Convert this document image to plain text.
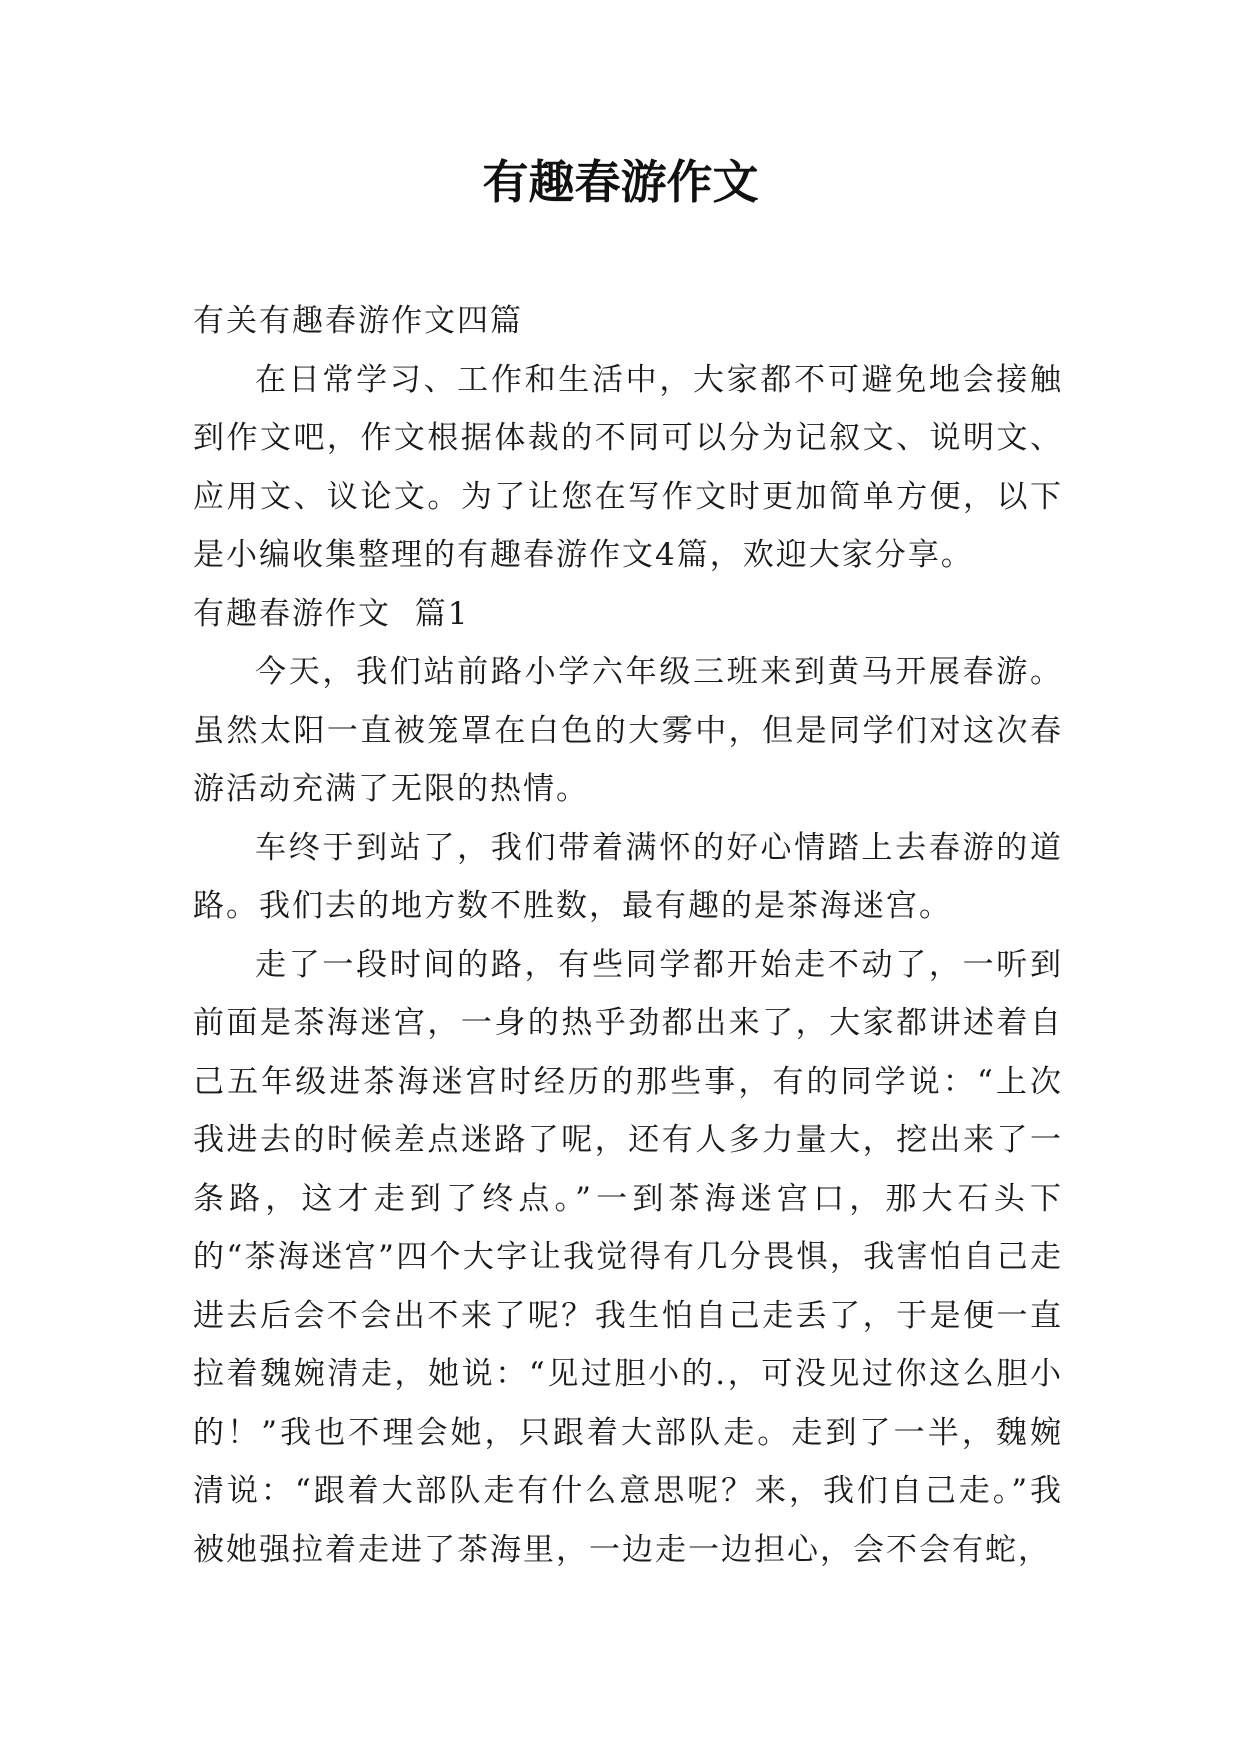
有趣春游作文

有关有趣春游作文四篇

在日常学习、工作和生活中，大家都不可避免地会接触到作文吧，作文根据体裁的不同可以分为记叙文、说明文、应用文、议论文。为了让您在写作文时更加简单方便，以下是小编收集整理的有趣春游作文4篇，欢迎大家分享。

有趣春游作文  篇1

今天，我们站前路小学六年级三班来到黄马开展春游。虽然太阳一直被笼罩在白色的大雾中，但是同学们对这次春游活动充满了无限的热情。

车终于到站了，我们带着满怀的好心情踏上去春游的道路。我们去的地方数不胜数，最有趣的是茶海迷宫。

走了一段时间的路，有些同学都开始走不动了，一听到前面是茶海迷宫，一身的热乎劲都出来了，大家都讲述着自己五年级进茶海迷宫时经历的那些事，有的同学说：“上次我进去的时候差点迷路了呢，还有人多力量大，挖出来了一条路，这才走到了终点。”一到茶海迷宫口，那大石头下的“茶海迷宫”四个大字让我觉得有几分畏惧，我害怕自己走进去后会不会出不来了呢？我生怕自己走丢了，于是便一直拉着魏婉清走，她说：“见过胆小的.，可没见过你这么胆小的！”我也不理会她，只跟着大部队走。走到了一半，魏婉清说：“跟着大部队走有什么意思呢？来，我们自己走。”我被她强拉着走进了茶海里，一边走一边担心，会不会有蛇，
